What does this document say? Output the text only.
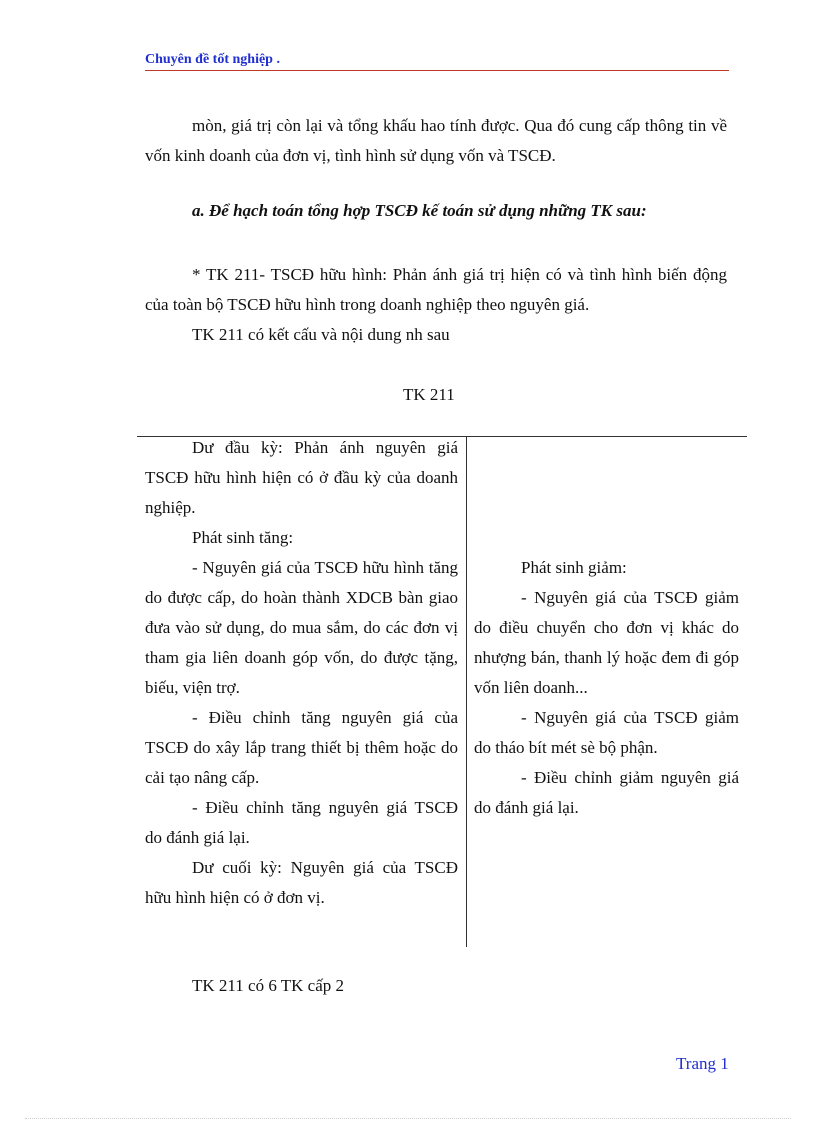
Chuyên đề tốt nghiệp .

mòn, giá trị còn lại và tổng khấu hao tính được. Qua đó cung cấp thông tin về vốn kinh doanh của đơn vị, tình hình sử dụng vốn và TSCĐ.

a. Để hạch toán tổng hợp TSCĐ kế toán sử dụng những TK sau:

* TK 211- TSCĐ hữu hình: Phản ánh giá trị hiện có và tình hình biến động của toàn bộ TSCĐ hữu hình trong doanh nghiệp theo nguyên giá.

TK 211 có kết cấu và nội dung nh sau

TK 211

Dư đầu kỳ: Phản ánh nguyên giá TSCĐ hữu hình hiện có ở đầu kỳ của doanh nghiệp.

Phát sinh tăng:

- Nguyên giá của TSCĐ hữu hình tăng do được cấp, do hoàn thành XDCB bàn giao đưa vào sử dụng, do mua sắm, do các đơn vị tham gia liên doanh góp vốn, do được tặng, biếu, viện trợ.

- Điều chỉnh tăng nguyên giá của TSCĐ do xây lắp trang thiết bị thêm hoặc do cải tạo nâng cấp.

- Điều chỉnh tăng nguyên giá TSCĐ do đánh giá lại.

Dư cuối kỳ: Nguyên giá của TSCĐ hữu hình hiện có ở đơn vị.

Phát sinh giảm:

- Nguyên giá của TSCĐ giảm do điều chuyển cho đơn vị khác do nhượng bán, thanh lý hoặc đem đi góp vốn liên doanh...

- Nguyên giá của TSCĐ giảm do tháo bít mét sè bộ phận.

- Điều chỉnh giảm nguyên giá do đánh giá lại.

TK 211 có 6 TK cấp 2
Trang 1
